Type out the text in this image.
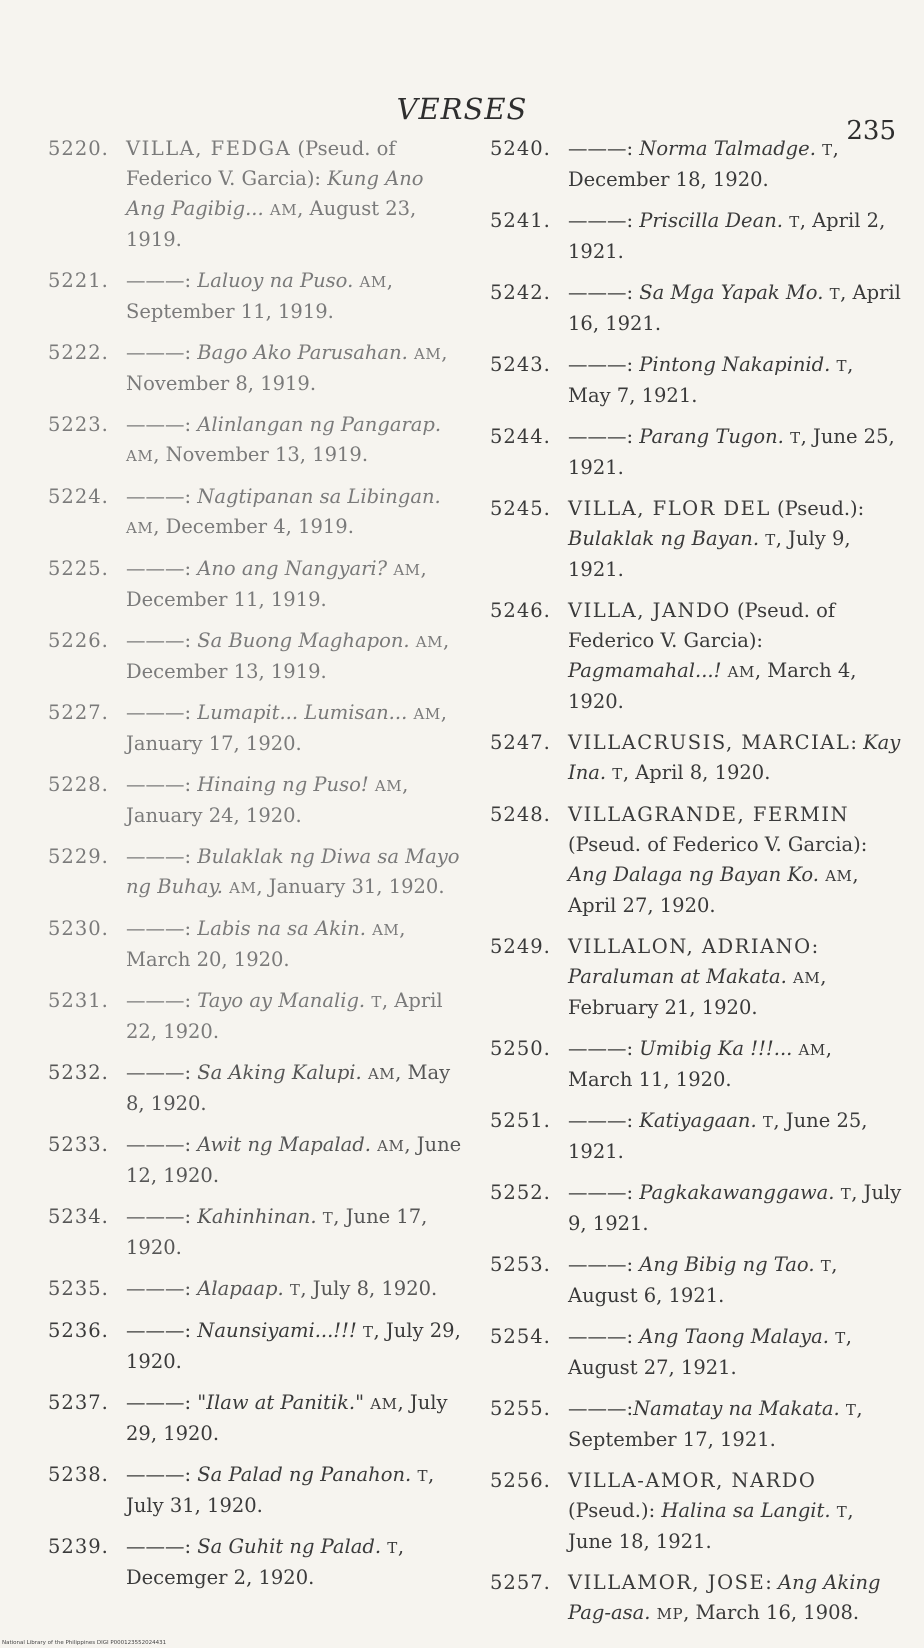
VERSES
235
5220. VILLA, FEDGA (Pseud. of Federico V. Garcia): Kung Ano Ang Pagibig... AM, August 23, 1919.
5221. ———: Laluoy na Puso. AM, September 11, 1919.
5222. ———: Bago Ako Parusahan. AM, November 8, 1919.
5223. ———: Alinlangan ng Pangarap. AM, November 13, 1919.
5224. ———: Nagtipanan sa Libingan. AM, December 4, 1919.
5225. ———: Ano ang Nangyari? AM, December 11, 1919.
5226. ———: Sa Buong Maghapon. AM, December 13, 1919.
5227. ———: Lumapit... Lumisan... AM, January 17, 1920.
5228. ———: Hinaing ng Puso! AM, January 24, 1920.
5229. ———: Bulaklak ng Diwa sa Mayo ng Buhay. AM, January 31, 1920.
5230. ———: Labis na sa Akin. AM, March 20, 1920.
5231. ———: Tayo ay Manalig. T, April 22, 1920.
5232. ———: Sa Aking Kalupi. AM, May 8, 1920.
5233. ———: Awit ng Mapalad. AM, June 12, 1920.
5234. ———: Kahinhinan. T, June 17, 1920.
5235. ———: Alapaap. T, July 8, 1920.
5236. ———: Naunsiyami...!!! T, July 29, 1920.
5237. ———: "Ilaw at Panitik." AM, July 29, 1920.
5238. ———: Sa Palad ng Panahon. T, July 31, 1920.
5239. ———: Sa Guhit ng Palad. T, Decemger 2, 1920.
5240. ———: Norma Talmadge. T, December 18, 1920.
5241. ———: Priscilla Dean. T, April 2, 1921.
5242. ———: Sa Mga Yapak Mo. T, April 16, 1921.
5243. ———: Pintong Nakapinid. T, May 7, 1921.
5244. ———: Parang Tugon. T, June 25, 1921.
5245. VILLA, FLOR DEL (Pseud.): Bulaklak ng Bayan. T, July 9, 1921.
5246. VILLA, JANDO (Pseud. of Federico V. Garcia): Pagmamahal...! AM, March 4, 1920.
5247. VILLACRUSIS, MARCIAL: Kay Ina. T, April 8, 1920.
5248. VILLAGRANDE, FERMIN (Pseud. of Federico V. Garcia): Ang Dalaga ng Bayan Ko. AM, April 27, 1920.
5249. VILLALON, ADRIANO: Paraluman at Makata. AM, February 21, 1920.
5250. ———: Umibig Ka !!!... AM, March 11, 1920.
5251. ———: Katiyagaan. T, June 25, 1921.
5252. ———: Pagkakawanggawa. T, July 9, 1921.
5253. ———: Ang Bibig ng Tao. T, August 6, 1921.
5254. ———: Ang Taong Malaya. T, August 27, 1921.
5255. ———:Namatay na Makata. T, September 17, 1921.
5256. VILLA-AMOR, NARDO (Pseud.): Halina sa Langit. T, June 18, 1921.
5257. VILLAMOR, JOSE: Ang Aking Pag-asa. MP, March 16, 1908.
National Library of the Philippines DIGI P000123552024431
